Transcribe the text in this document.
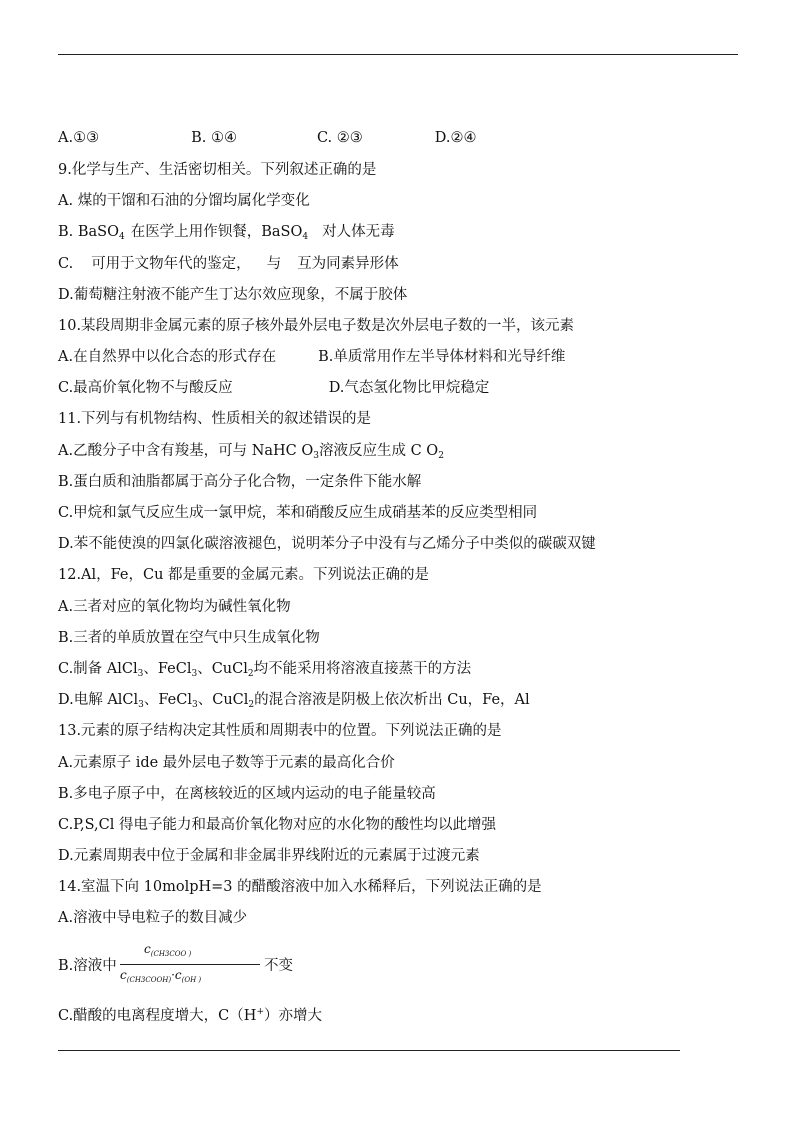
A.①③	B. ①④	C. ②③	D.②④
9.化学与生产、生活密切相关。下列叙述正确的是
A. 煤的干馏和石油的分馏均属化学变化
B. BaSO$_4$ 在医学上用作钡餐，BaSO$_4$ 对人体无毒
C. 可用于文物年代的鉴定， 与 互为同素异形体
D.葡萄糖注射液不能产生丁达尔效应现象，不属于胶体
10.某段周期非金属元素的原子核外最外层电子数是次外层电子数的一半，该元素
A.在自然界中以化合态的形式存在	B.单质常用作左半导体材料和光导纤维
C.最高价氧化物不与酸反应	D.气态氢化物比甲烷稳定
11.下列与有机物结构、性质相关的叙述错误的是
A.乙酸分子中含有羧基，可与 NaHC $O_3$溶液反应生成 C $O_2$
B.蛋白质和油脂都属于高分子化合物，一定条件下能水解
C.甲烷和氯气反应生成一氯甲烷，苯和硝酸反应生成硝基苯的反应类型相同
D.苯不能使溴的四氯化碳溶液褪色，说明苯分子中没有与乙烯分子中类似的碳碳双键
12.Al，Fe，Cu 都是重要的金属元素。下列说法正确的是
A.三者对应的氧化物均为碱性氧化物
B.三者的单质放置在空气中只生成氧化物
C.制备 AlCl$_3$、FeCl$_3$、CuCl$_2$均不能采用将溶液直接蒸干的方法
D.电解 AlCl$_3$、FeCl$_3$、CuCl$_2$的混合溶液是阴极上依次析出 Cu，Fe，Al
13.元素的原子结构决定其性质和周期表中的位置。下列说法正确的是
A.元素原子 ide 最外层电子数等于元素的最高化合价
B.多电子原子中，在离核较近的区域内运动的电子能量较高
C.P,S,Cl 得电子能力和最高价氧化物对应的水化物的酸性均以此增强
D.元素周期表中位于金属和非金属非界线附近的元素属于过渡元素
14.室温下向 10molpH=3 的醋酸溶液中加入水稀释后，下列说法正确的是
A.溶液中导电粒子的数目减少
B.溶液中
$c_{(CH3COO )}$
$c_{(CH3COOH)}\cdot c_{(OH )}$
不变
C.醋酸的电离程度增大，C（H+）亦增大
